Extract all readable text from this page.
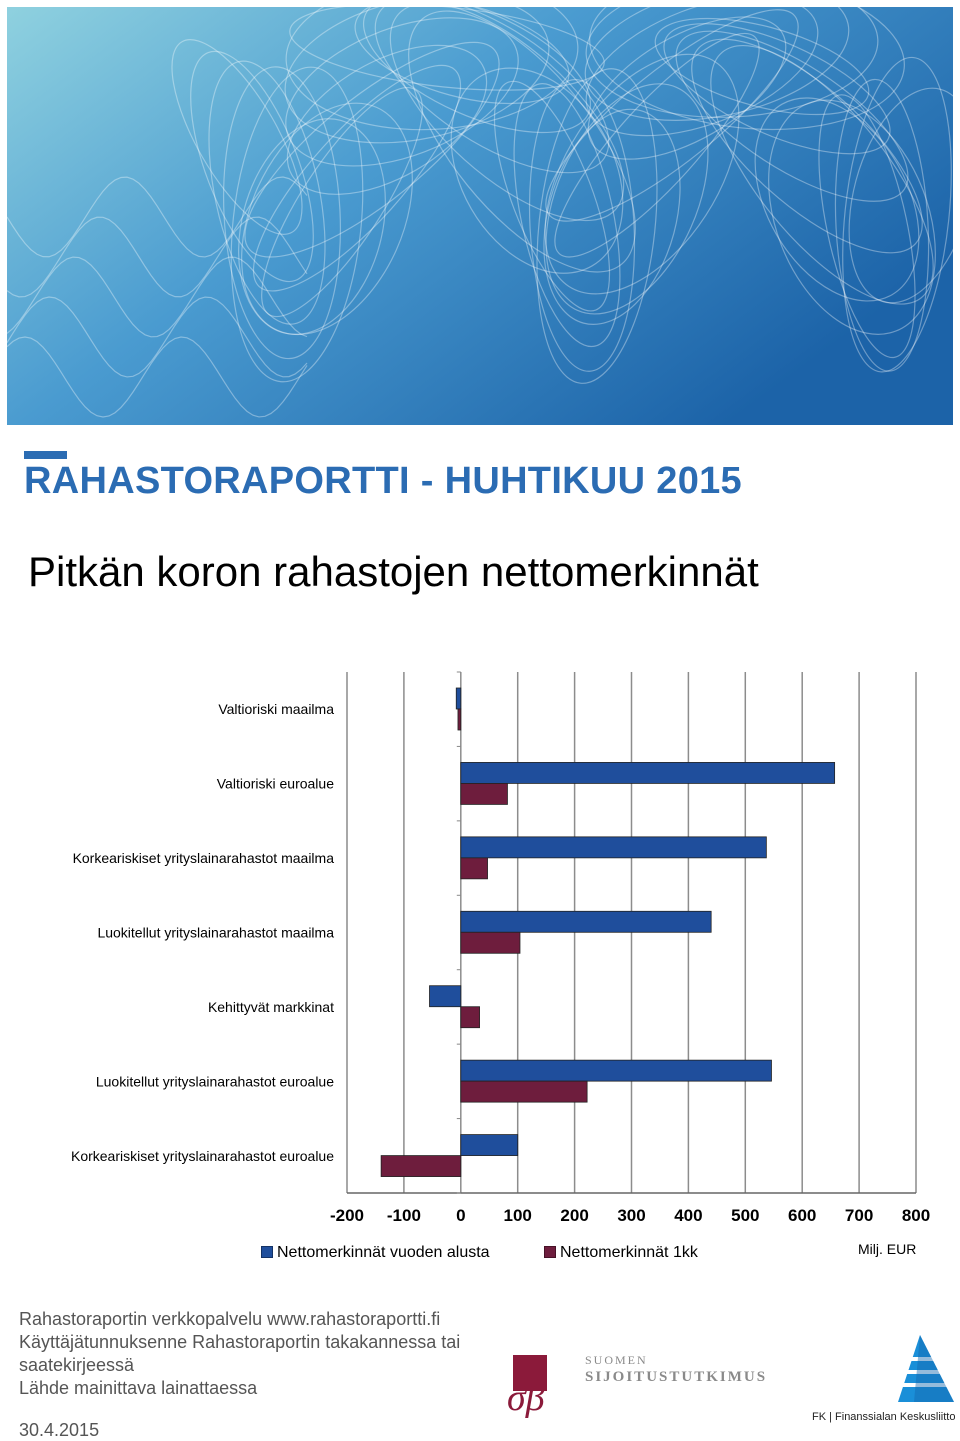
RAHASTORAPORTTI - HUHTIKUU 2015
Pitkän koron rahastojen nettomerkinnät
-200 -100 0 100 200 300 400 500 600 700 800
Valtioriski maailma
Valtioriski euroalue
Korkeariskiset yrityslainarahastot maailma
Luokitellut yrityslainarahastot maailma
Kehittyvät markkinat
Luokitellut yrityslainarahastot euroalue
Korkeariskiset yrityslainarahastot euroalue
Nettomerkinnät vuoden alusta	Nettomerkinnät 1kk	Milj. EUR
Rahastoraportin verkkopalvelu www.rahastoraportti.fi
Käyttäjätunnuksenne Rahastoraportin takakannessa tai
saatekirjeessä
Lähde mainittava lainattaessa
30.4.2015
σβ
SUOMEN
SIJOITUSTUTKIMUS
FK | Finanssialan Keskusliitto
